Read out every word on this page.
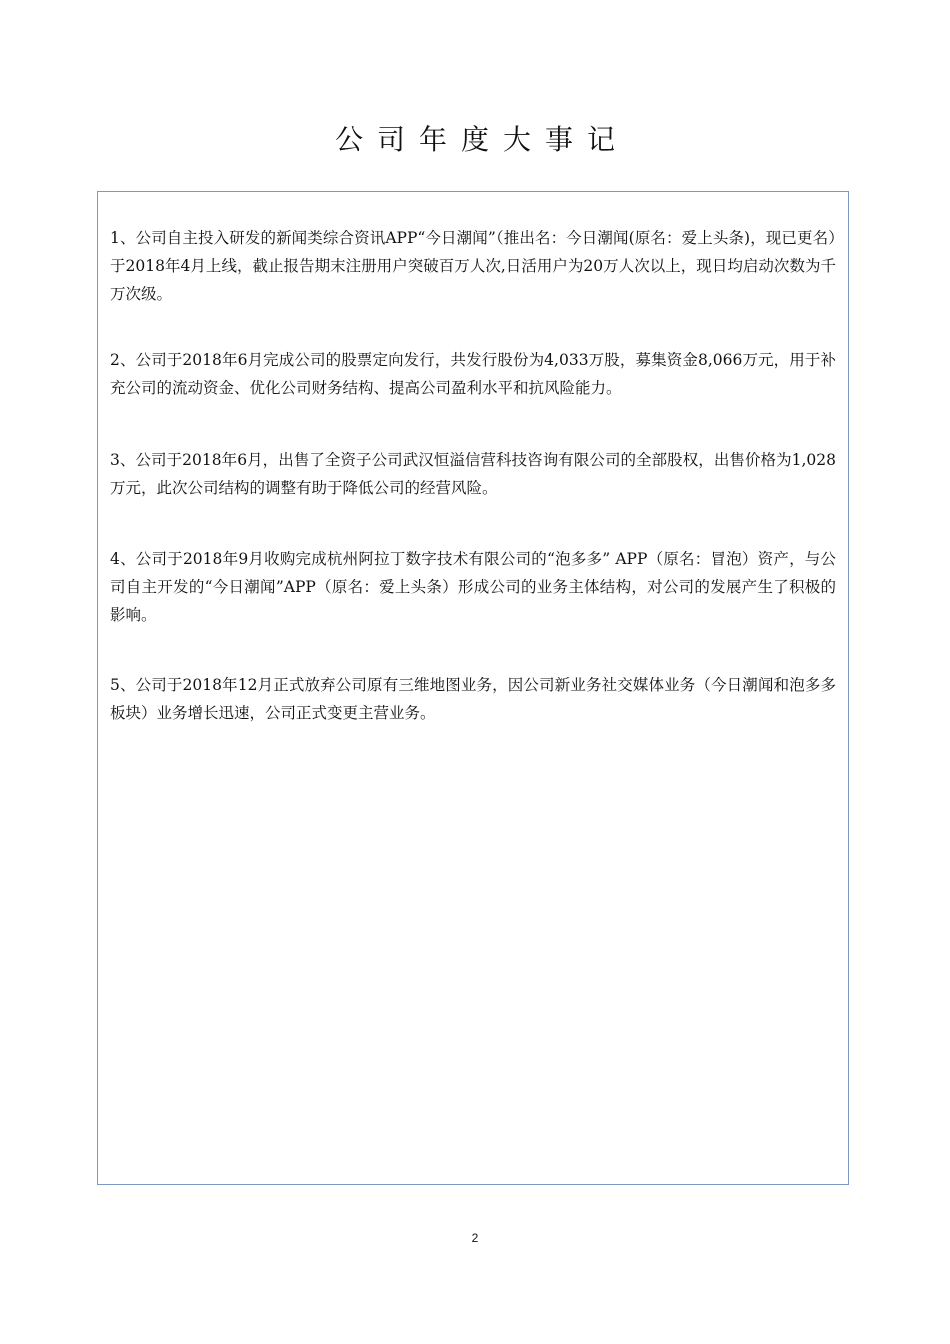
公司年度大事记

1、公司自主投入研发的新闻类综合资讯APP“今日潮闻”（推出名：今日潮闻(原名：爱上头条)，现已更名）于2018年4月上线，截止报告期末注册用户突破百万人次,日活用户为20万人次以上，现日均启动次数为千万次级。

2、公司于2018年6月完成公司的股票定向发行，共发行股份为4,033万股，募集资金8,066万元，用于补充公司的流动资金、优化公司财务结构、提高公司盈利水平和抗风险能力。

3、公司于2018年6月，出售了全资子公司武汉恒溢信营科技咨询有限公司的全部股权，出售价格为1,028万元，此次公司结构的调整有助于降低公司的经营风险。

4、公司于2018年9月收购完成杭州阿拉丁数字技术有限公司的“泡多多” APP（原名：冒泡）资产，与公司自主开发的“今日潮闻”APP（原名：爱上头条）形成公司的业务主体结构，对公司的发展产生了积极的影响。

5、公司于2018年12月正式放弃公司原有三维地图业务，因公司新业务社交媒体业务（今日潮闻和泡多多板块）业务增长迅速，公司正式变更主营业务。

2
